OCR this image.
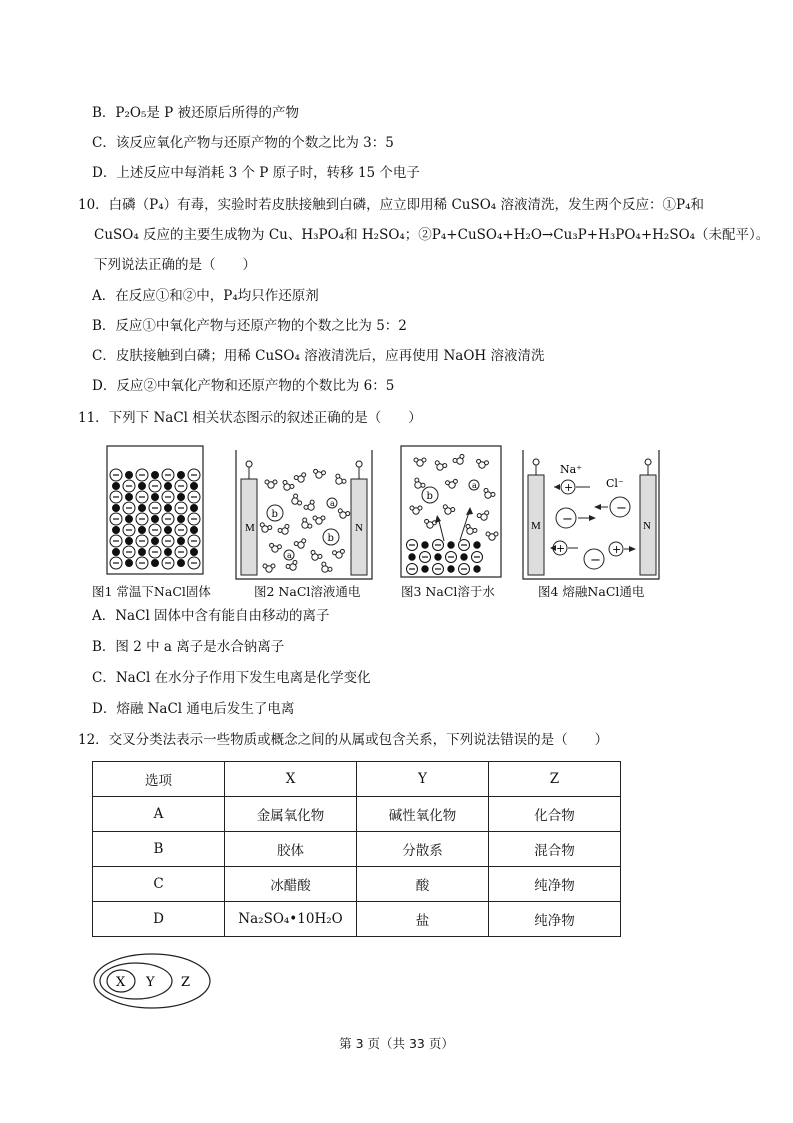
B．P₂O₅是 P 被还原后所得的产物
C．该反应氧化产物与还原产物的个数之比为 3：5
D．上述反应中每消耗 3 个 P 原子时，转移 15 个电子
10．白磷（P₄）有毒，实验时若皮肤接触到白磷，应立即用稀 CuSO₄ 溶液清洗，发生两个反应：①P₄和
CuSO₄ 反应的主要生成物为 Cu、H₃PO₄和 H₂SO₄；②P₄+CuSO₄+H₂O→Cu₃P+H₃PO₄+H₂SO₄（未配平）。
下列说法正确的是（　　）
A．在反应①和②中，P₄均只作还原剂
B．反应①中氧化产物与还原产物的个数之比为 5：2
C．皮肤接触到白磷；用稀 CuSO₄ 溶液清洗后，应再使用 NaOH 溶液清洗
D．反应②中氧化产物和还原产物的个数比为 6：5
11．下列下 NaCl 相关状态图示的叙述正确的是（　　）
M	N
b
b
a
a
b
a
M	N
Na⁺
Cl⁻
+
−
−
+
−
+
图1 常温下NaCl固体	图2 NaCl溶液通电	图3 NaCl溶于水	图4 熔融NaCl通电
A．NaCl 固体中含有能自由移动的离子
B．图 2 中 a 离子是水合钠离子
C．NaCl 在水分子作用下发生电离是化学变化
D．熔融 NaCl 通电后发生了电离
12．交叉分类法表示一些物质或概念之间的从属或包含关系，下列说法错误的是（　　）
选项	X	Y	Z
A	金属氧化物	碱性氧化物	化合物
B	胶体	分散系	混合物
C	冰醋酸	酸	纯净物
D	Na₂SO₄•10H₂O	盐	纯净物
X Y Z
第 3 页（共 33 页）
